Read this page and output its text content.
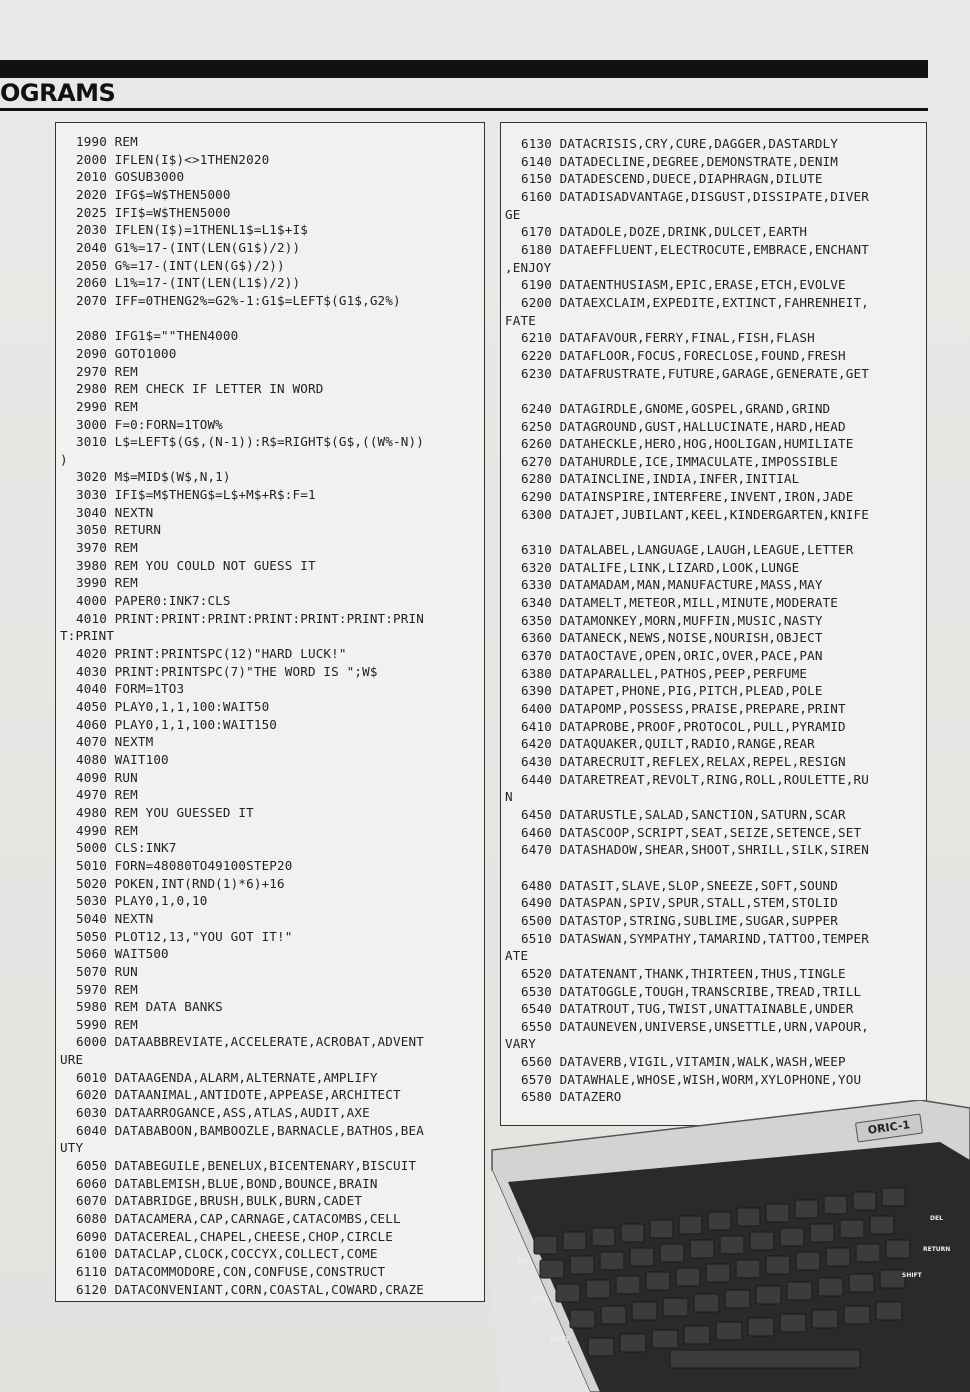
OGRAMS
1990 REM
2000 IFLEN(I$)<>1THEN2020
2010 GOSUB3000
2020 IFG$=W$THEN5000
2025 IFI$=W$THEN5000
2030 IFLEN(I$)=1THENL1$=L1$+I$
2040 G1%=17-(INT(LEN(G1$)/2))
2050 G%=17-(INT(LEN(G$)/2))
2060 L1%=17-(INT(LEN(L1$)/2))
2070 IFF=0THENG2%=G2%-1:G1$=LEFT$(G1$,G2%)

2080 IFG1$=""THEN4000
2090 GOTO1000
2970 REM
2980 REM CHECK IF LETTER IN WORD
2990 REM
3000 F=0:FORN=1TOW%
3010 L$=LEFT$(G$,(N-1)):R$=RIGHT$(G$,((W%-N))
)
3020 M$=MID$(W$,N,1)
3030 IFI$=M$THENG$=L$+M$+R$:F=1
3040 NEXTN
3050 RETURN
3970 REM
3980 REM YOU COULD NOT GUESS IT
3990 REM
4000 PAPER0:INK7:CLS
4010 PRINT:PRINT:PRINT:PRINT:PRINT:PRINT:PRIN
T:PRINT
4020 PRINT:PRINTSPC(12)"HARD LUCK!"
4030 PRINT:PRINTSPC(7)"THE WORD IS ";W$
4040 FORM=1TO3
4050 PLAY0,1,1,100:WAIT50
4060 PLAY0,1,1,100:WAIT150
4070 NEXTM
4080 WAIT100
4090 RUN
4970 REM
4980 REM YOU GUESSED IT
4990 REM
5000 CLS:INK7
5010 FORN=48080TO49100STEP20
5020 POKEN,INT(RND(1)*6)+16
5030 PLAY0,1,0,10
5040 NEXTN
5050 PLOT12,13,"YOU GOT IT!"
5060 WAIT500
5070 RUN
5970 REM
5980 REM DATA BANKS
5990 REM
6000 DATAABBREVIATE,ACCELERATE,ACROBAT,ADVENT
URE
6010 DATAAGENDA,ALARM,ALTERNATE,AMPLIFY
6020 DATAANIMAL,ANTIDOTE,APPEASE,ARCHITECT
6030 DATAARROGANCE,ASS,ATLAS,AUDIT,AXE
6040 DATABABOON,BAMBOOZLE,BARNACLE,BATHOS,BEA
UTY
6050 DATABEGUILE,BENELUX,BICENTENARY,BISCUIT
6060 DATABLEMISH,BLUE,BOND,BOUNCE,BRAIN
6070 DATABRIDGE,BRUSH,BULK,BURN,CADET
6080 DATACAMERA,CAP,CARNAGE,CATACOMBS,CELL
6090 DATACEREAL,CHAPEL,CHEESE,CHOP,CIRCLE
6100 DATACLAP,CLOCK,COCCYX,COLLECT,COME
6110 DATACOMMODORE,CON,CONFUSE,CONSTRUCT
6120 DATACONVENIANT,CORN,COASTAL,COWARD,CRAZE
6130 DATACRISIS,CRY,CURE,DAGGER,DASTARDLY
6140 DATADECLINE,DEGREE,DEMONSTRATE,DENIM
6150 DATADESCEND,DUECE,DIAPHRAGN,DILUTE
6160 DATADISADVANTAGE,DISGUST,DISSIPATE,DIVER
GE
6170 DATADOLE,DOZE,DRINK,DULCET,EARTH
6180 DATAEFFLUENT,ELECTROCUTE,EMBRACE,ENCHANT
,ENJOY
6190 DATAENTHUSIASM,EPIC,ERASE,ETCH,EVOLVE
6200 DATAEXCLAIM,EXPEDITE,EXTINCT,FAHRENHEIT,
FATE
6210 DATAFAVOUR,FERRY,FINAL,FISH,FLASH
6220 DATAFLOOR,FOCUS,FORECLOSE,FOUND,FRESH
6230 DATAFRUSTRATE,FUTURE,GARAGE,GENERATE,GET

6240 DATAGIRDLE,GNOME,GOSPEL,GRAND,GRIND
6250 DATAGROUND,GUST,HALLUCINATE,HARD,HEAD
6260 DATAHECKLE,HERO,HOG,HOOLIGAN,HUMILIATE
6270 DATAHURDLE,ICE,IMMACULATE,IMPOSSIBLE
6280 DATAINCLINE,INDIA,INFER,INITIAL
6290 DATAINSPIRE,INTERFERE,INVENT,IRON,JADE
6300 DATAJET,JUBILANT,KEEL,KINDERGARTEN,KNIFE

6310 DATALABEL,LANGUAGE,LAUGH,LEAGUE,LETTER
6320 DATALIFE,LINK,LIZARD,LOOK,LUNGE
6330 DATAMADAM,MAN,MANUFACTURE,MASS,MAY
6340 DATAMELT,METEOR,MILL,MINUTE,MODERATE
6350 DATAMONKEY,MORN,MUFFIN,MUSIC,NASTY
6360 DATANECK,NEWS,NOISE,NOURISH,OBJECT
6370 DATAOCTAVE,OPEN,ORIC,OVER,PACE,PAN
6380 DATAPARALLEL,PATHOS,PEEP,PERFUME
6390 DATAPET,PHONE,PIG,PITCH,PLEAD,POLE
6400 DATAPOMP,POSSESS,PRAISE,PREPARE,PRINT
6410 DATAPROBE,PROOF,PROTOCOL,PULL,PYRAMID
6420 DATAQUAKER,QUILT,RADIO,RANGE,REAR
6430 DATARECRUIT,REFLEX,RELAX,REPEL,RESIGN
6440 DATARETREAT,REVOLT,RING,ROLL,ROULETTE,RU
N
6450 DATARUSTLE,SALAD,SANCTION,SATURN,SCAR
6460 DATASCOOP,SCRIPT,SEAT,SEIZE,SETENCE,SET
6470 DATASHADOW,SHEAR,SHOOT,SHRILL,SILK,SIREN

6480 DATASIT,SLAVE,SLOP,SNEEZE,SOFT,SOUND
6490 DATASPAN,SPIV,SPUR,STALL,STEM,STOLID
6500 DATASTOP,STRING,SUBLIME,SUGAR,SUPPER
6510 DATASWAN,SYMPATHY,TAMARIND,TATTOO,TEMPER
ATE
6520 DATATENANT,THANK,THIRTEEN,THUS,TINGLE
6530 DATATOGGLE,TOUGH,TRANSCRIBE,TREAD,TRILL
6540 DATATROUT,TUG,TWIST,UNATTAINABLE,UNDER
6550 DATAUNEVEN,UNIVERSE,UNSETTLE,URN,VAPOUR,
VARY
6560 DATAVERB,VIGIL,VITAMIN,WALK,WASH,WEEP
6570 DATAWHALE,WHOSE,WISH,WORM,XYLOPHONE,YOU
6580 DATAZERO
ORIC-1
ESC
DEL
RETURN
CTRL
SHIFT
SHIFT
